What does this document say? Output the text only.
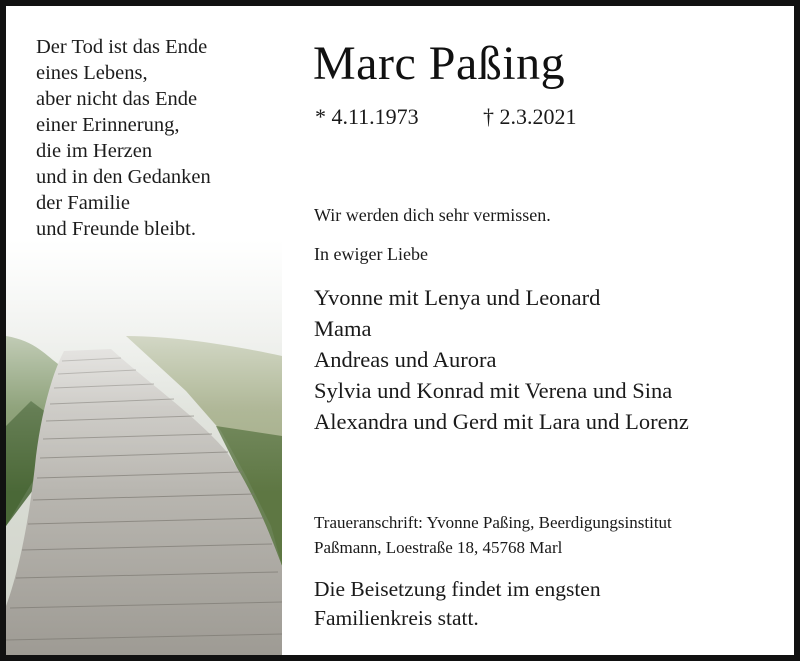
Der Tod ist das Ende
eines Lebens,
aber nicht das Ende
einer Erinnerung,
die im Herzen
und in den Gedanken
der Familie
und Freunde bleibt.
Marc Paßing
* 4.11.1973	† 2.3.2021
Wir werden dich sehr vermissen.
In ewiger Liebe
Yvonne mit Lenya und Leonard
Mama
Andreas und Aurora
Sylvia und Konrad mit Verena und Sina
Alexandra und Gerd mit Lara und Lorenz
Traueranschrift: Yvonne Paßing, Beerdigungsinstitut
Paßmann, Loestraße 18, 45768 Marl
Die Beisetzung findet im engsten
Familienkreis statt.
